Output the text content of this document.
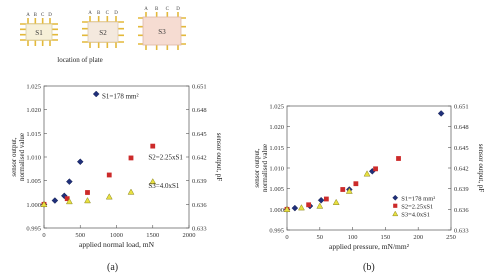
A B C D
S1
A B C D
S2
A B C D
S3
location of plate
0.995
1.000
1.005
1.010
1.015
1.020
1.025
0.633
0.636
0.639
0.642
0.645
0.648
0.651
0	500	1000	1500	2000
applied normal load, mN
sensor output,normalised value	sensor output, pF
S1=178 mm²
S2=2.25xS1
S3=4.0xS1
0.995
1.000
1.005
1.010
1.015
1.020
1.025
0.633
0.636
0.639
0.642
0.645
0.648
0.651
0	50	100	150	200	250
applied pressure, mN/mm²
sensor output,normalised value	sensor output, pF
S1=178 mm²
S2=2.25xS1
S3=4.0xS1
(a)	(b)
